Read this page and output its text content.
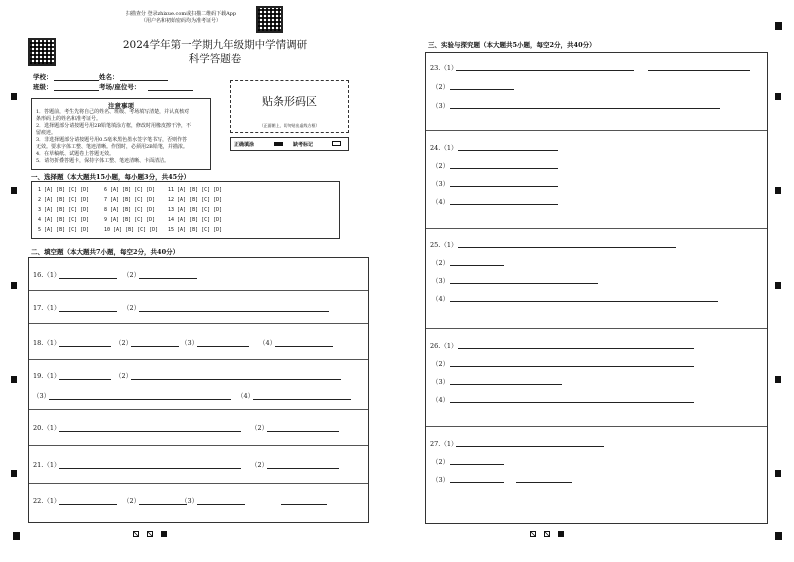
扫描查分 登录zhixue.com或扫描二维码下载App
（用户名和初始密码均为准考证号）
2024学年第一学期九年级期中学情调研
科学答题卷
学校：	姓名：
班级：	考场/座位号：
注意事项
1．答题前，考生先将自己的姓名、班级、考场填写清楚，并认真核对
条形码上的姓名和准考证号。
2．选择题部分请按题号用2B铅笔填涂方框，修改时用橡皮擦干净，不
留痕迹。
3．非选择题部分请按题号用0.5毫米黑色墨水签字笔书写，否则作答
无效。要求字体工整、笔迹清晰。作图时，必须用2B铅笔，并描浓。
4．在草稿纸、试题卷上答题无效。
5．请勿折叠答题卡，保持字体工整、笔迹清晰、卡面清洁。
贴条形码区
（正面朝上，切勿贴出虚线方框）
正确填涂	缺考标记
一、选择题（本大题共15小题，每小题3分，共45分）
1 [A] [B] [C] [D]	6 [A] [B] [C] [D]	11 [A] [B] [C] [D]
2 [A] [B] [C] [D]	7 [A] [B] [C] [D]	12 [A] [B] [C] [D]
3 [A] [B] [C] [D]	8 [A] [B] [C] [D]	13 [A] [B] [C] [D]
4 [A] [B] [C] [D]	9 [A] [B] [C] [D]	14 [A] [B] [C] [D]
5 [A] [B] [C] [D]	10 [A] [B] [C] [D] 15 [A] [B] [C] [D]
二、填空题（本大题共7小题，每空2分，共40分）
16.（1）	（2）
17.（1）	（2）
18.（1）	（2）	（3）	（4）
19.（1）	（2）
（3）	（4）
20.（1）	（2）
21.（1）	（2）
22.（1）	（2）	（3）
三、实验与探究题（本大题共5小题，每空2分，共40分）
23.（1）
（2）
（3）
24.（1）
（2）
（3）
（4）
25.（1）
（2）
（3）
（4）
26.（1）
（2）
（3）
（4）
27.（1）
（2）
（3）
